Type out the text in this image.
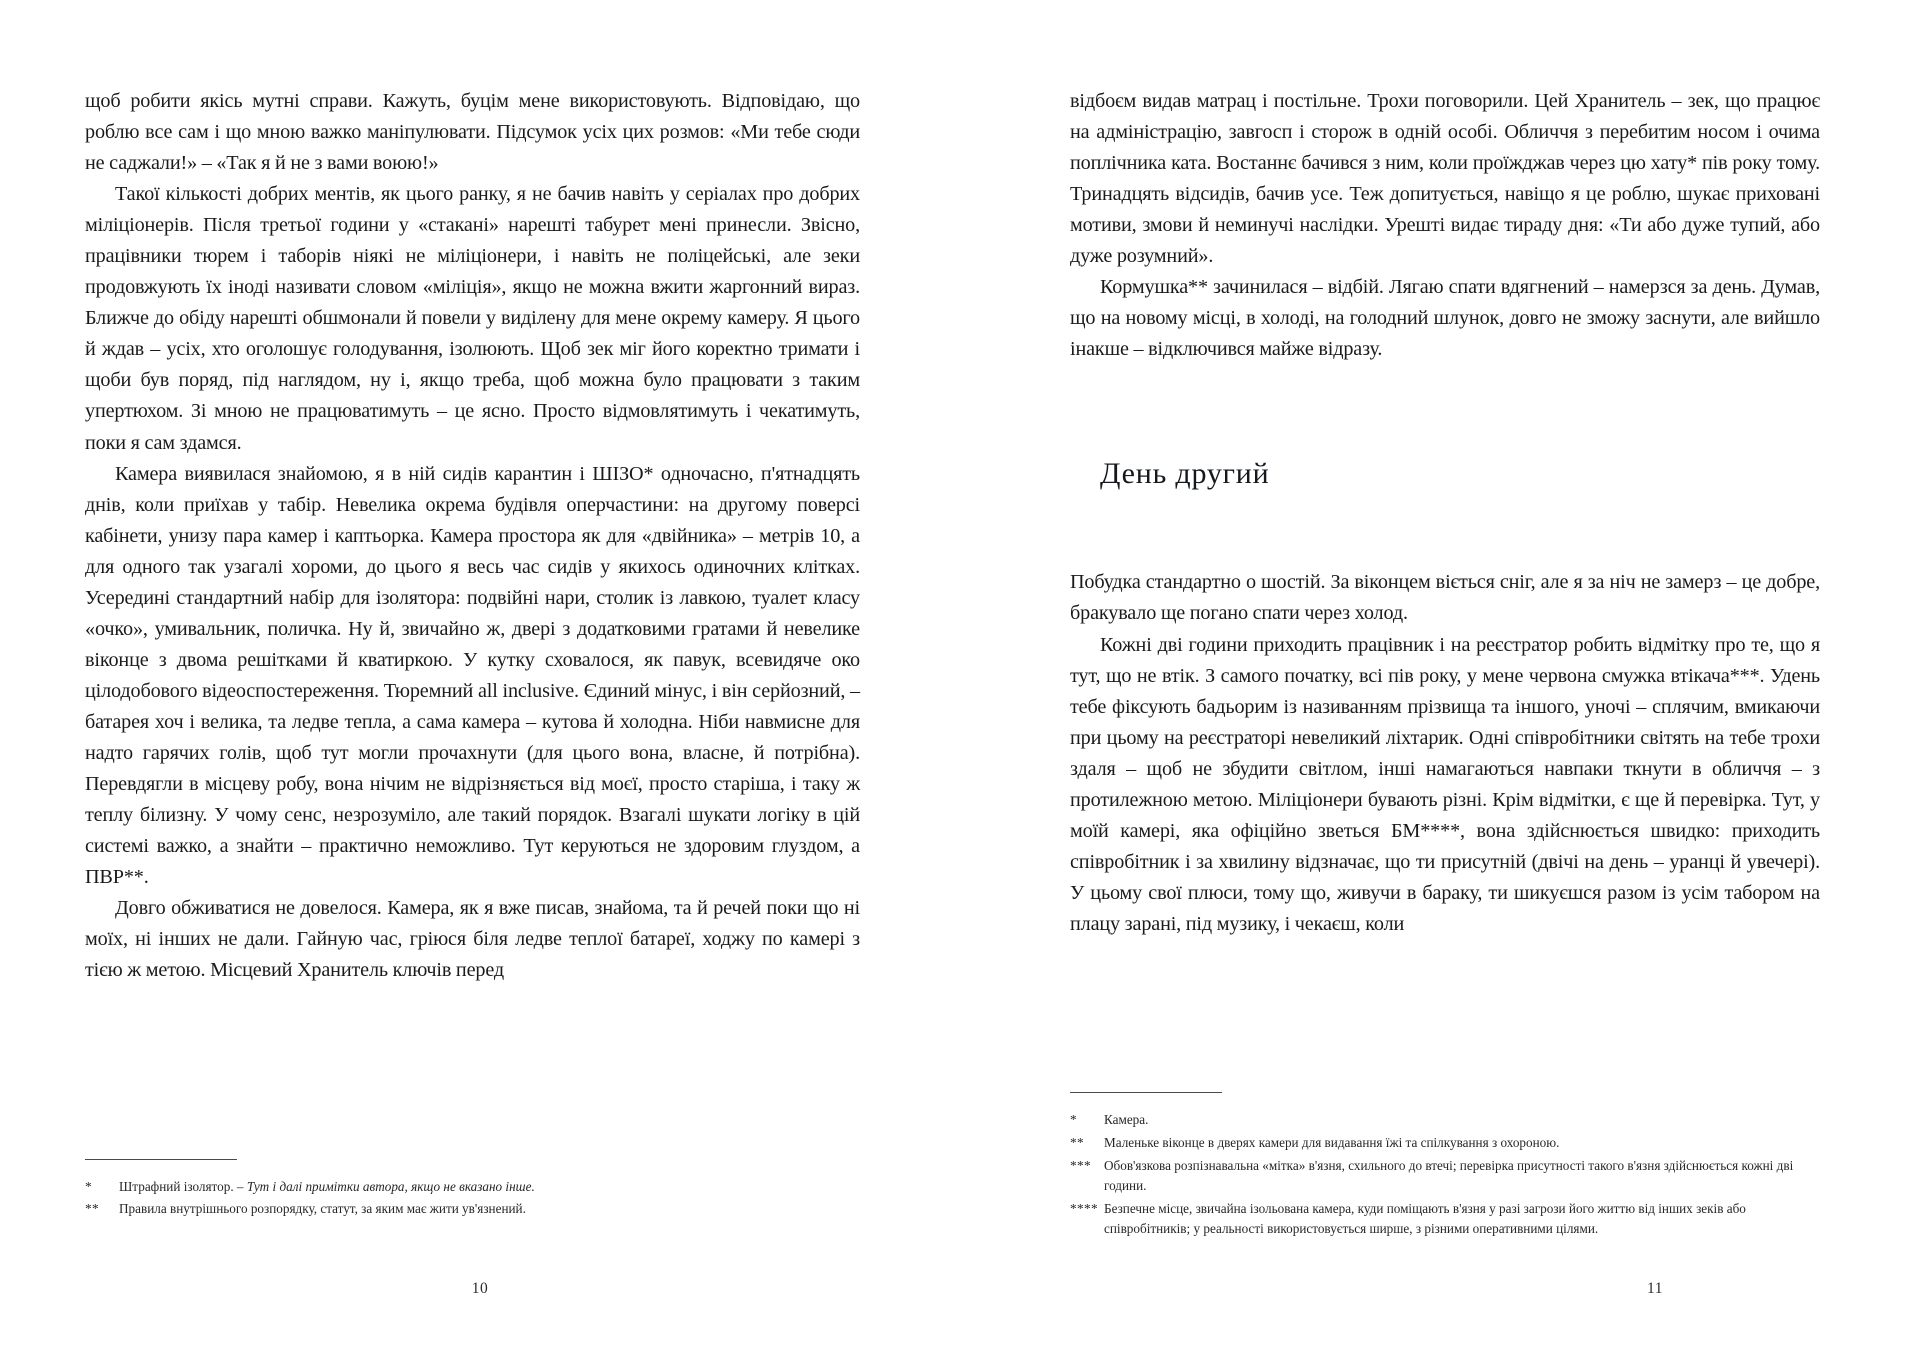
щоб робити якісь мутні справи. Кажуть, буцім мене використовують. Відповідаю, що роблю все сам і що мною важко маніпулювати. Підсумок усіх цих розмов: «Ми тебе сюди не саджали!» – «Так я й не з вами воюю!»

Такої кількості добрих ментів, як цього ранку, я не бачив навіть у серіалах про добрих міліціонерів. Після третьої години у «стакані» нарешті табурет мені принесли. Звісно, працівники тюрем і таборів ніякі не міліціонери, і навіть не поліцейські, але зеки продовжують їх іноді називати словом «міліція», якщо не можна вжити жаргонний вираз. Ближче до обіду нарешті обшмонали й повели у виділену для мене окрему камеру. Я цього й ждав – усіх, хто оголошує голодування, ізолюють. Щоб зек міг його коректно тримати і щоби був поряд, під наглядом, ну і, якщо треба, щоб можна було працювати з таким упертюхом. Зі мною не працюватимуть – це ясно. Просто відмовлятимуть і чекатимуть, поки я сам здамся.

Камера виявилася знайомою, я в ній сидів карантин і ШІЗО* одночасно, п'ятнадцять днів, коли приїхав у табір. Невелика окрема будівля оперчастини: на другому поверсі кабінети, унизу пара камер і каптьорка. Камера простора як для «двійника» – метрів 10, а для одного так узагалі хороми, до цього я весь час сидів у якихось одиночних клітках. Усередині стандартний набір для ізолятора: подвійні нари, столик із лавкою, туалет класу «очко», умивальник, поличка. Ну й, звичайно ж, двері з додатковими гратами й невелике віконце з двома решітками й кватиркою. У кутку сховалося, як павук, всевидяче око цілодобового відеоспостереження. Тюремний all inclusive. Єдиний мінус, і він серйозний, – батарея хоч і велика, та ледве тепла, а сама камера – кутова й холодна. Ніби навмисне для надто гарячих голів, щоб тут могли прочахнути (для цього вона, власне, й потрібна). Перевдягли в місцеву робу, вона нічим не відрізняється від моєї, просто старіша, і таку ж теплу білизну. У чому сенс, незрозуміло, але такий порядок. Взагалі шукати логіку в цій системі важко, а знайти – практично неможливо. Тут керуються не здоровим глуздом, а ПВР**.

Довго обживатися не довелося. Камера, як я вже писав, знайома, та й речей поки що ні моїх, ні інших не дали. Гайную час, гріюся біля ледве теплої батареї, ходжу по камері з тією ж метою. Місцевий Хранитель ключів перед

*	Штрафний ізолятор. – Тут і далі примітки автора, якщо не вказано інше.
**	Правила внутрішнього розпорядку, статут, за яким має жити ув'язнений.
10

відбоєм видав матрац і постільне. Трохи поговорили. Цей Хранитель – зек, що працює на адміністрацію, завгосп і сторож в одній особі. Обличчя з перебитим носом і очима поплічника ката. Востаннє бачився з ним, коли проїжджав через цю хату* пів року тому. Тринадцять відсидів, бачив усе. Теж допитується, навіщо я це роблю, шукає приховані мотиви, змови й неминучі наслідки. Урешті видає тираду дня: «Ти або дуже тупий, або дуже розумний».

Кормушка** зачинилася – відбій. Лягаю спати вдягнений – намерзся за день. Думав, що на новому місці, в холоді, на голодний шлунок, довго не зможу заснути, але вийшло інакше – відключився майже відразу.

День другий

Побудка стандартно о шостій. За віконцем віється сніг, але я за ніч не замерз – це добре, бракувало ще погано спати через холод.

Кожні дві години приходить працівник і на реєстратор робить відмітку про те, що я тут, що не втік. З самого початку, всі пів року, у мене червона смужка втікача***. Удень тебе фіксують бадьорим із називанням прізвища та іншого, уночі – сплячим, вмикаючи при цьому на реєстраторі невеликий ліхтарик. Одні співробітники світять на тебе трохи здаля – щоб не збудити світлом, інші намагаються навпаки ткнути в обличчя – з протилежною метою. Міліціонери бувають різні. Крім відмітки, є ще й перевірка. Тут, у моїй камері, яка офіційно зветься БМ****, вона здійснюється швидко: приходить співробітник і за хвилину відзначає, що ти присутній (двічі на день – уранці й увечері). У цьому свої плюси, тому що, живучи в бараку, ти шикуєшся разом із усім табором на плацу зарані, під музику, і чекаєш, коли

*	Камера.
**	Маленьке віконце в дверях камери для видавання їжі та спілкування з охороною.
*** Обов'язкова розпізнавальна «мітка» в'язня, схильного до втечі; перевірка присутності такого в'язня здійснюється кожні дві години.
**** Безпечне місце, звичайна ізольована камера, куди поміщають в'язня у разі загрози його життю від інших зеків або співробітників; у реальності використовується ширше, з різними оперативними цілями.
11
